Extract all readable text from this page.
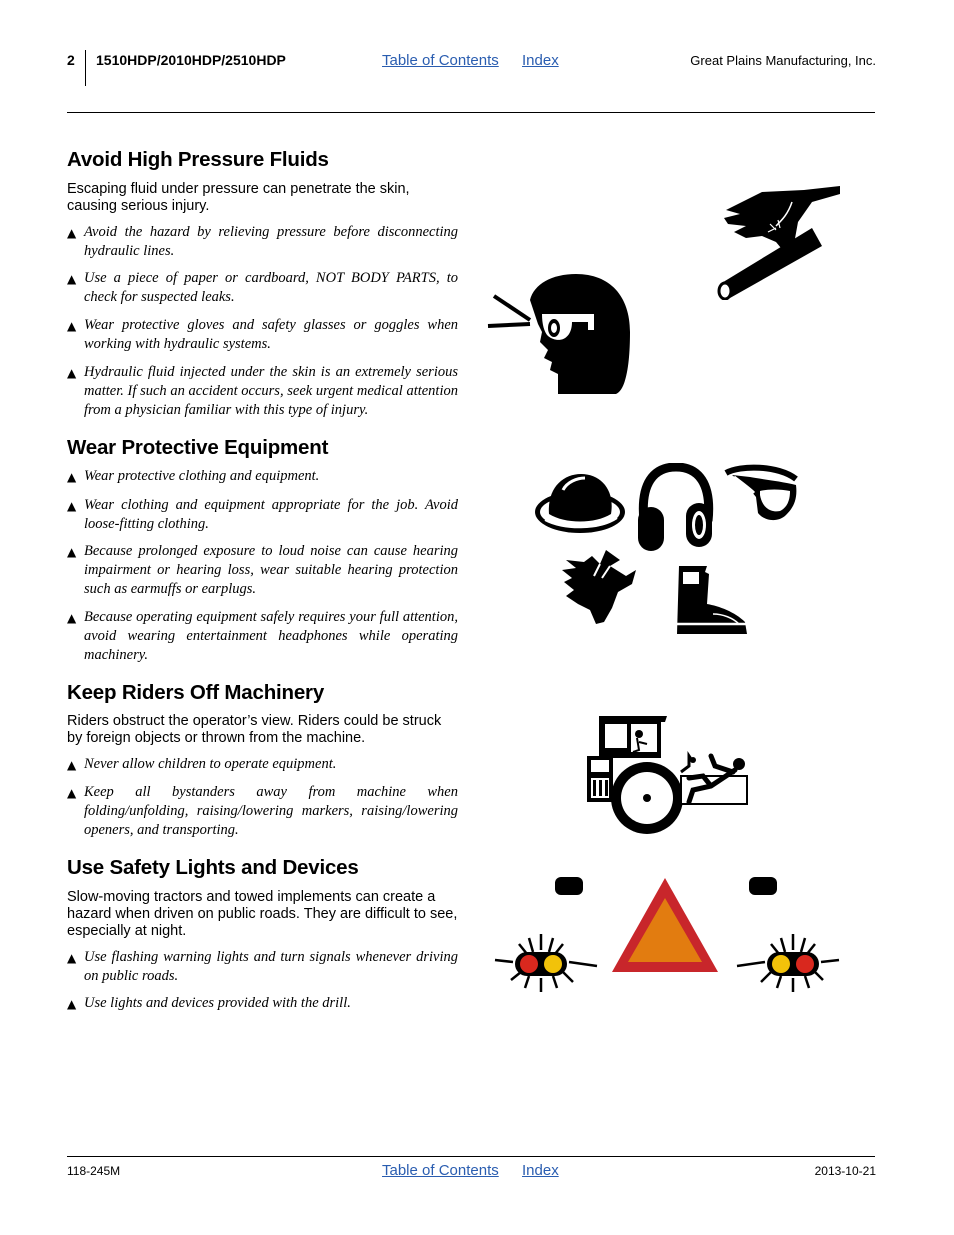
2 1510HDP/2010HDP/2510HDP	Table of Contents Index	Great Plains Manufacturing, Inc.
Avoid High Pressure Fluids

Escaping fluid under pressure can penetrate the skin, causing serious injury.

▲ Avoid the hazard by relieving pressure before disconnecting hydraulic lines.

▲ Use a piece of paper or cardboard, NOT BODY PARTS, to check for suspected leaks.

▲ Wear protective gloves and safety glasses or goggles when working with hydraulic systems.

▲ Hydraulic fluid injected under the skin is an extremely serious matter. If such an accident occurs, seek urgent medical attention from a physician familiar with this type of injury.

Wear Protective Equipment

▲ Wear protective clothing and equipment.

▲ Wear clothing and equipment appropriate for the job. Avoid loose-fitting clothing.

▲ Because prolonged exposure to loud noise can cause hearing impairment or hearing loss, wear suitable hearing protection such as earmuffs or earplugs.

▲ Because operating equipment safely requires your full attention, avoid wearing entertainment headphones while operating machinery.

Keep Riders Off Machinery

Riders obstruct the operator’s view. Riders could be struck by foreign objects or thrown from the machine.

▲ Never allow children to operate equipment.

▲ Keep all bystanders away from machine when folding/unfolding, raising/lowering markers, raising/lowering openers, and transporting.

Use Safety Lights and Devices

Slow-moving tractors and towed implements can create a hazard when driven on public roads. They are difficult to see, especially at night.

▲ Use flashing warning lights and turn signals whenever driving on public roads.

▲ Use lights and devices provided with the drill.

118-245M	Table of Contents Index	2013-10-21
